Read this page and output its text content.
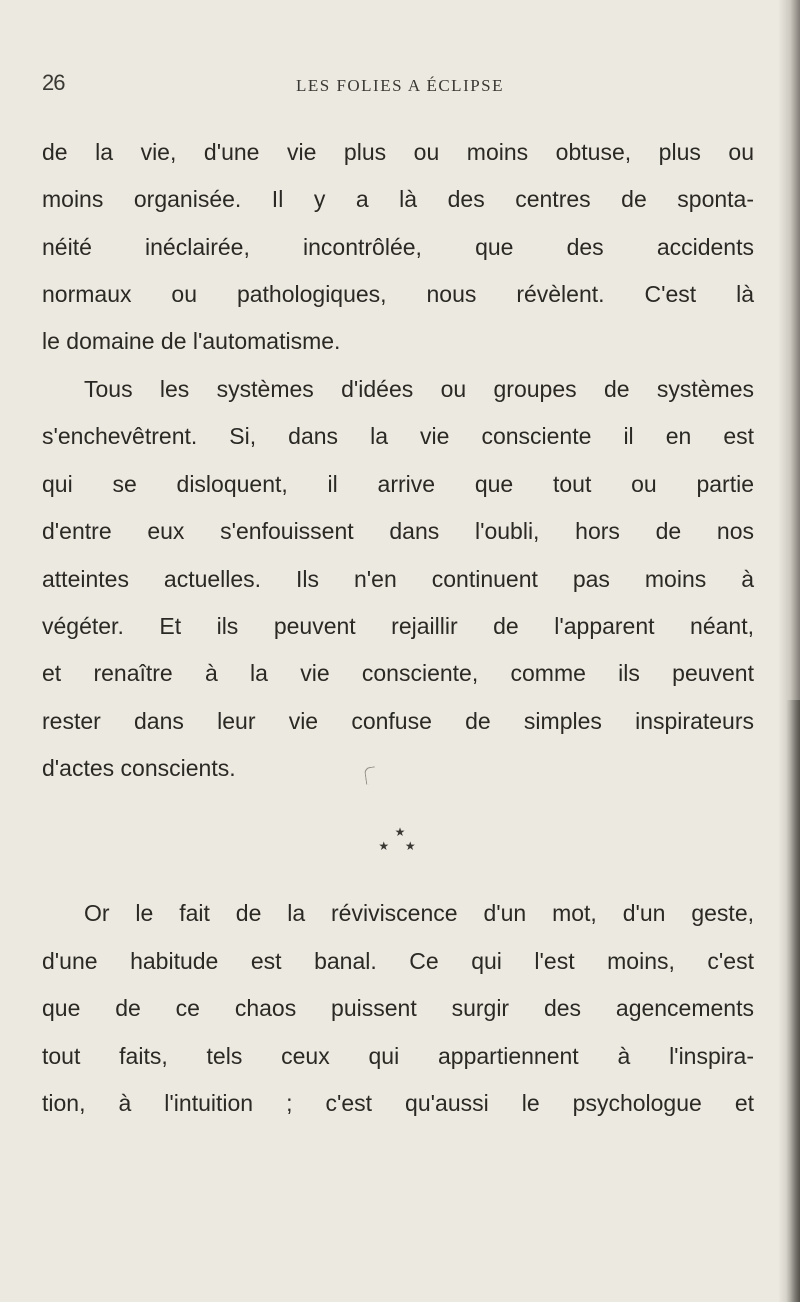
26	LES FOLIES A ÉCLIPSE
de la vie, d'une vie plus ou moins obtuse, plus ou
moins organisée. Il y a là des centres de sponta-
néité inéclairée, incontrôlée, que des accidents
normaux ou pathologiques, nous révèlent. C'est là
le domaine de l'automatisme.
Tous les systèmes d'idées ou groupes de systèmes
s'enchevêtrent. Si, dans la vie consciente il en est
qui se disloquent, il arrive que tout ou partie
d'entre eux s'enfouissent dans l'oubli, hors de nos
atteintes actuelles. Ils n'en continuent pas moins à
végéter. Et ils peuvent rejaillir de l'apparent néant,
et renaître à la vie consciente, comme ils peuvent
rester dans leur vie confuse de simples inspirateurs
d'actes conscients.
★
★ ★
Or le fait de la réviviscence d'un mot, d'un geste,
d'une habitude est banal. Ce qui l'est moins, c'est
que de ce chaos puissent surgir des agencements
tout faits, tels ceux qui appartiennent à l'inspira-
tion, à l'intuition ; c'est qu'aussi le psychologue et
